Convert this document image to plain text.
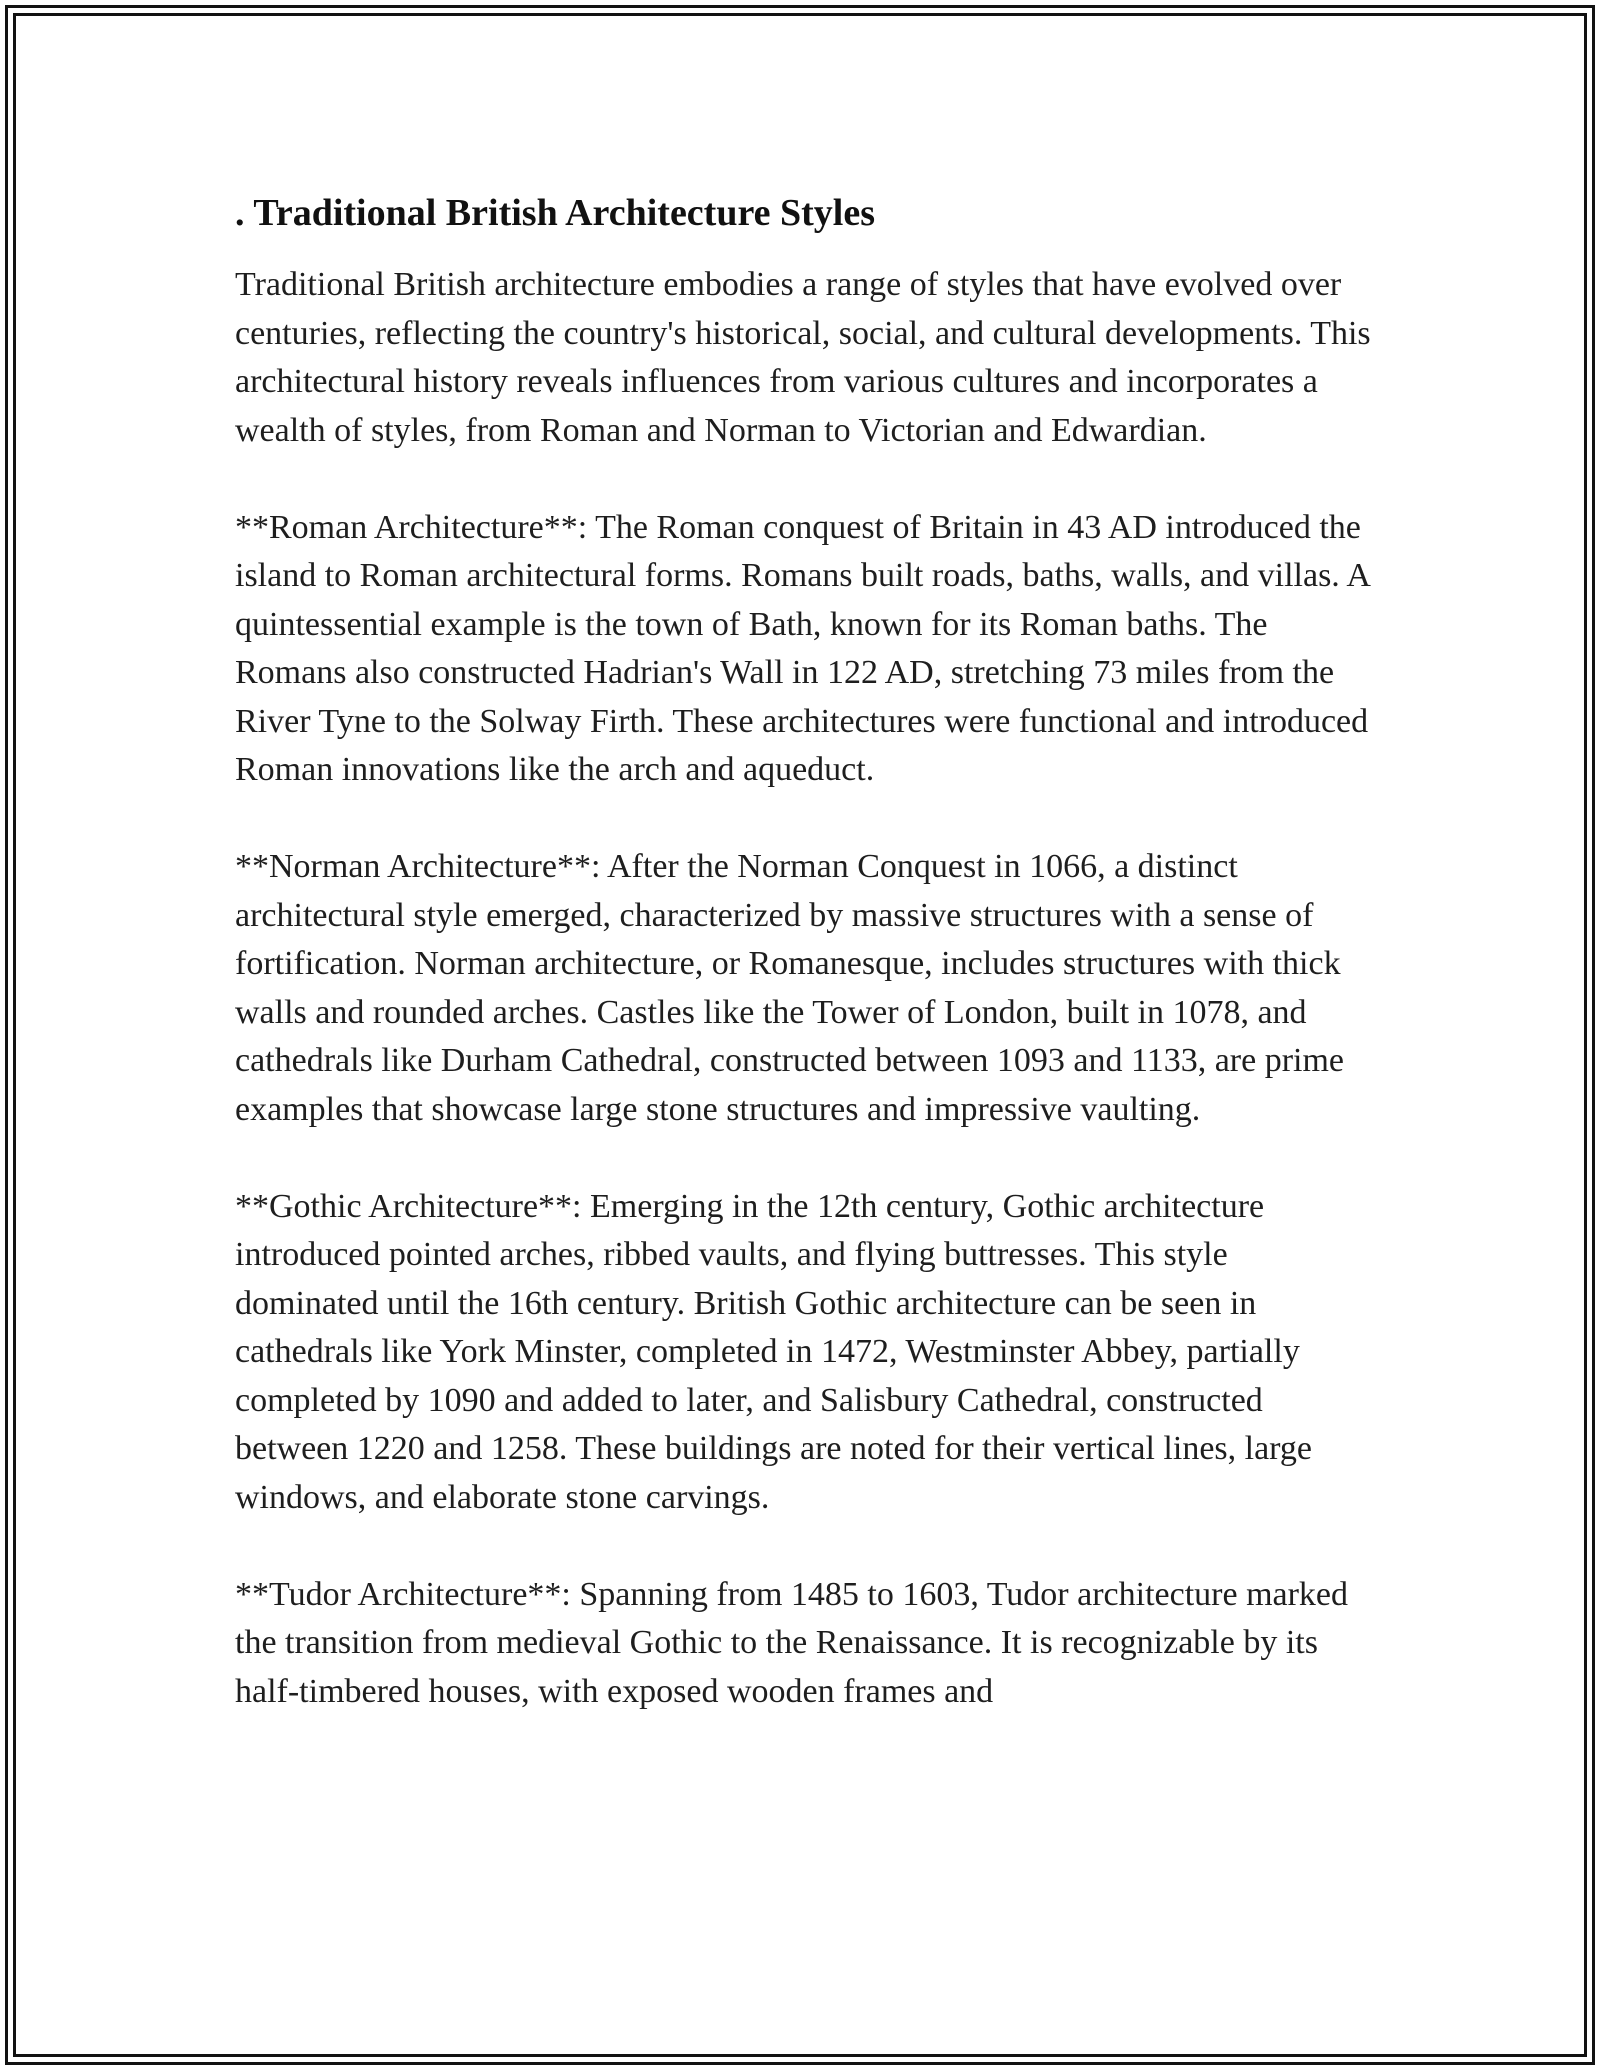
. Traditional British Architecture Styles

Traditional British architecture embodies a range of styles that have evolved over centuries, reflecting the country's historical, social, and cultural developments. This architectural history reveals influences from various cultures and incorporates a wealth of styles, from Roman and Norman to Victorian and Edwardian.

**Roman Architecture**: The Roman conquest of Britain in 43 AD introduced the island to Roman architectural forms. Romans built roads, baths, walls, and villas. A quintessential example is the town of Bath, known for its Roman baths. The Romans also constructed Hadrian's Wall in 122 AD, stretching 73 miles from the River Tyne to the Solway Firth. These architectures were functional and introduced Roman innovations like the arch and aqueduct.

**Norman Architecture**: After the Norman Conquest in 1066, a distinct architectural style emerged, characterized by massive structures with a sense of fortification. Norman architecture, or Romanesque, includes structures with thick walls and rounded arches. Castles like the Tower of London, built in 1078, and cathedrals like Durham Cathedral, constructed between 1093 and 1133, are prime examples that showcase large stone structures and impressive vaulting.

**Gothic Architecture**: Emerging in the 12th century, Gothic architecture introduced pointed arches, ribbed vaults, and flying buttresses. This style dominated until the 16th century. British Gothic architecture can be seen in cathedrals like York Minster, completed in 1472, Westminster Abbey, partially completed by 1090 and added to later, and Salisbury Cathedral, constructed between 1220 and 1258. These buildings are noted for their vertical lines, large windows, and elaborate stone carvings.

**Tudor Architecture**: Spanning from 1485 to 1603, Tudor architecture marked the transition from medieval Gothic to the Renaissance. It is recognizable by its half-timbered houses, with exposed wooden frames and
